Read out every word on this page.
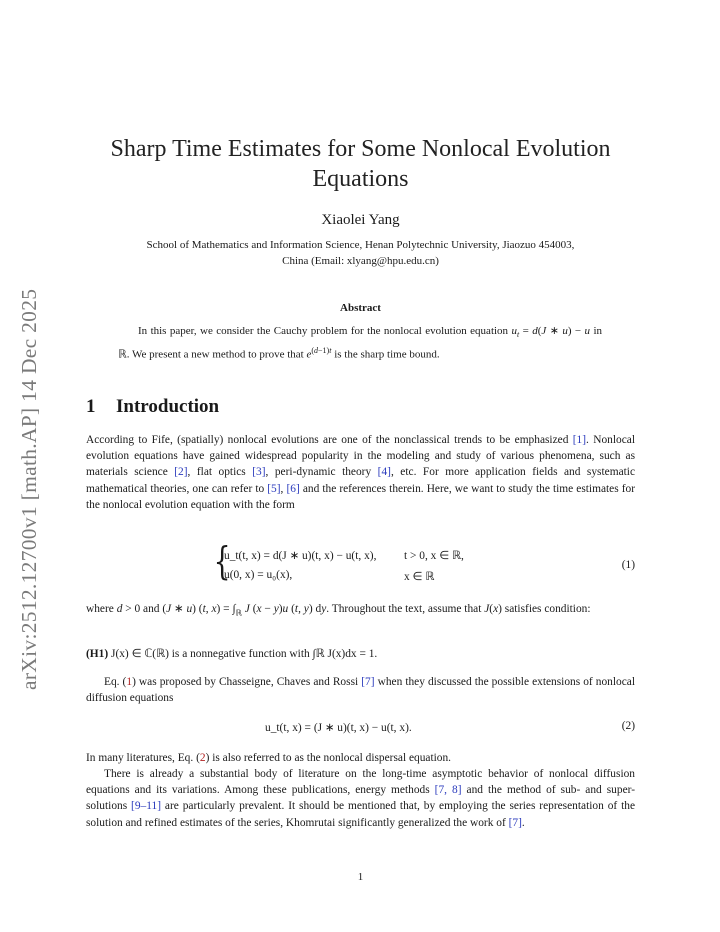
arXiv:2512.12700v1 [math.AP] 14 Dec 2025
Sharp Time Estimates for Some Nonlocal Evolution Equations
Xiaolei Yang
School of Mathematics and Information Science, Henan Polytechnic University, Jiaozuo 454003,
China (Email: xlyang@hpu.edu.cn)
Abstract
In this paper, we consider the Cauchy problem for the nonlocal evolution equation $u_t = d(J$ ∗ u) − u in ℝ. We present a new method to prove that $e^{(d-1)t}$ is the sharp time bound.
1 Introduction
According to Fife, (spatially) nonlocal evolutions are one of the nonclassical trends to be emphasized [1]. Nonlocal evolution equations have gained widespread popularity in the modeling and study of various phenomena, such as materials science [2], flat optics [3], peri-dynamic theory [4], etc. For more application fields and systematic mathematical theories, one can refer to [5], [6] and the references therein. Here, we want to study the time estimates for the nonlocal evolution equation with the form
{
u_t(t, x) = d(J ∗ u)(t, x) − u(t, x), t > 0, x ∈ ℝ,
u(0, x) = u₀(x),	x ∈ ℝ
(1)
where d > 0 and (J ∗ u) (t, $x) = \int_ℝ$ J (x − y)u (t, y) dy. Throughout the text, assume that J(x) satisfies condition:
(H1) J(x) ∈ ℂ(ℝ) is a nonnegative function with ∫ℝ J(x)dx = 1.
Eq. (1) was proposed by Chasseigne, Chaves and Rossi [7] when they discussed the possible extensions of nonlocal diffusion equations
u_t(t, x) = (J ∗ u)(t, x) − u(t, x).	(2)
In many literatures, Eq. (2) is also referred to as the nonlocal dispersal equation.
There is already a substantial body of literature on the long-time asymptotic behavior of nonlocal diffusion equations and its variations. Among these publications, energy methods [7, 8] and the method of sub- and super-solutions [9–11] are particularly prevalent. It should be mentioned that, by employing the series representation of the solution and refined estimates of the series, Khomrutai significantly generalized the work of [7].
1
